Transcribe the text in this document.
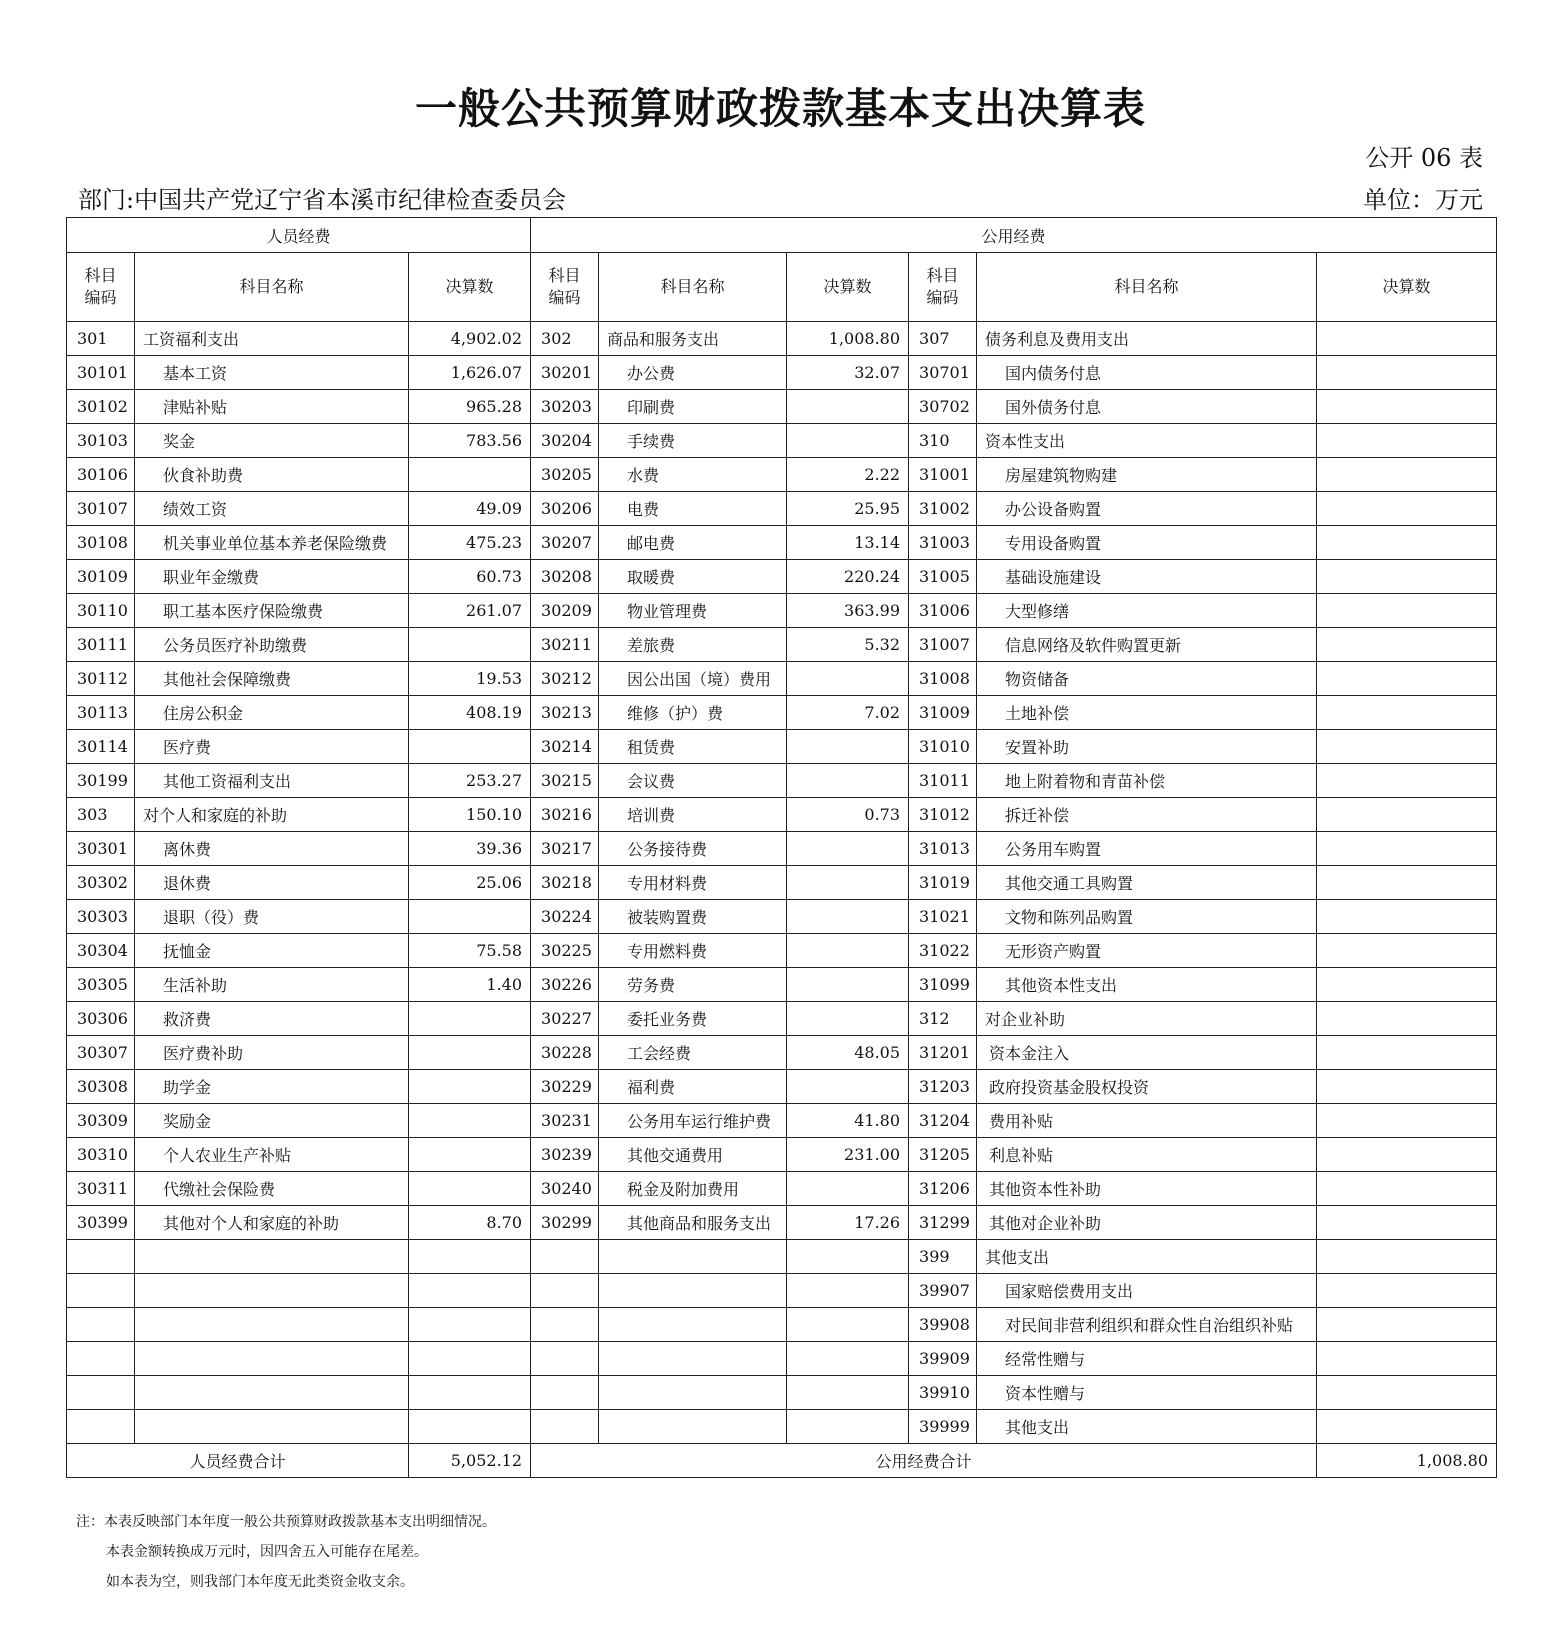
一般公共预算财政拨款基本支出决算表
公开 06 表
部门:中国共产党辽宁省本溪市纪律检查委员会	单位：万元
人员经费			公用经费					
科目
编码	科目名称	决算数	科目
编码	科目名称	决算数	科目
编码	科目名称	决算数
301	工资福利支出	4,902.02	302	商品和服务支出	1,008.80	307	债务利息及费用支出	
30101	基本工资	1,626.07	30201	办公费	32.07	30701	国内债务付息	
30102	津贴补贴	965.28	30203	印刷费		30702	国外债务付息	
30103	奖金	783.56	30204	手续费		310	资本性支出	
30106	伙食补助费		30205	水费	2.22	31001	房屋建筑物购建	
30107	绩效工资	49.09	30206	电费	25.95	31002	办公设备购置	
30108	机关事业单位基本养老保险缴费	475.23	30207	邮电费	13.14	31003	专用设备购置	
30109	职业年金缴费	60.73	30208	取暖费	220.24	31005	基础设施建设	
30110	职工基本医疗保险缴费	261.07	30209	物业管理费	363.99	31006	大型修缮	
30111	公务员医疗补助缴费		30211	差旅费	5.32	31007	信息网络及软件购置更新	
30112	其他社会保障缴费	19.53	30212	因公出国（境）费用		31008	物资储备	
30113	住房公积金	408.19	30213	维修（护）费	7.02	31009	土地补偿	
30114	医疗费		30214	租赁费		31010	安置补助	
30199	其他工资福利支出	253.27	30215	会议费		31011	地上附着物和青苗补偿	
303	对个人和家庭的补助	150.10	30216	培训费	0.73	31012	拆迁补偿	
30301	离休费	39.36	30217	公务接待费		31013	公务用车购置	
30302	退休费	25.06	30218	专用材料费		31019	其他交通工具购置	
30303	退职（役）费		30224	被装购置费		31021	文物和陈列品购置	
30304	抚恤金	75.58	30225	专用燃料费		31022	无形资产购置	
30305	生活补助	1.40	30226	劳务费		31099	其他资本性支出	
30306	救济费		30227	委托业务费		312	对企业补助	
30307	医疗费补助		30228	工会经费	48.05	31201	资本金注入	
30308	助学金		30229	福利费		31203	政府投资基金股权投资	
30309	奖励金		30231	公务用车运行维护费	41.80	31204	费用补贴	
30310	个人农业生产补贴		30239	其他交通费用	231.00	31205	利息补贴	
30311	代缴社会保险费		30240	税金及附加费用		31206	其他资本性补助	
30399	其他对个人和家庭的补助	8.70	30299	其他商品和服务支出	17.26	31299	其他对企业补助	
						399	其他支出	
						39907	国家赔偿费用支出	
						39908	对民间非营利组织和群众性自治组织补贴	
						39909	经常性赠与	
						39910	资本性赠与	
						39999	其他支出	
人员经费合计		5,052.12	公用经费合计					1,008.80
注：本表反映部门本年度一般公共预算财政拨款基本支出明细情况。
本表金额转换成万元时，因四舍五入可能存在尾差。
如本表为空，则我部门本年度无此类资金收支余。
